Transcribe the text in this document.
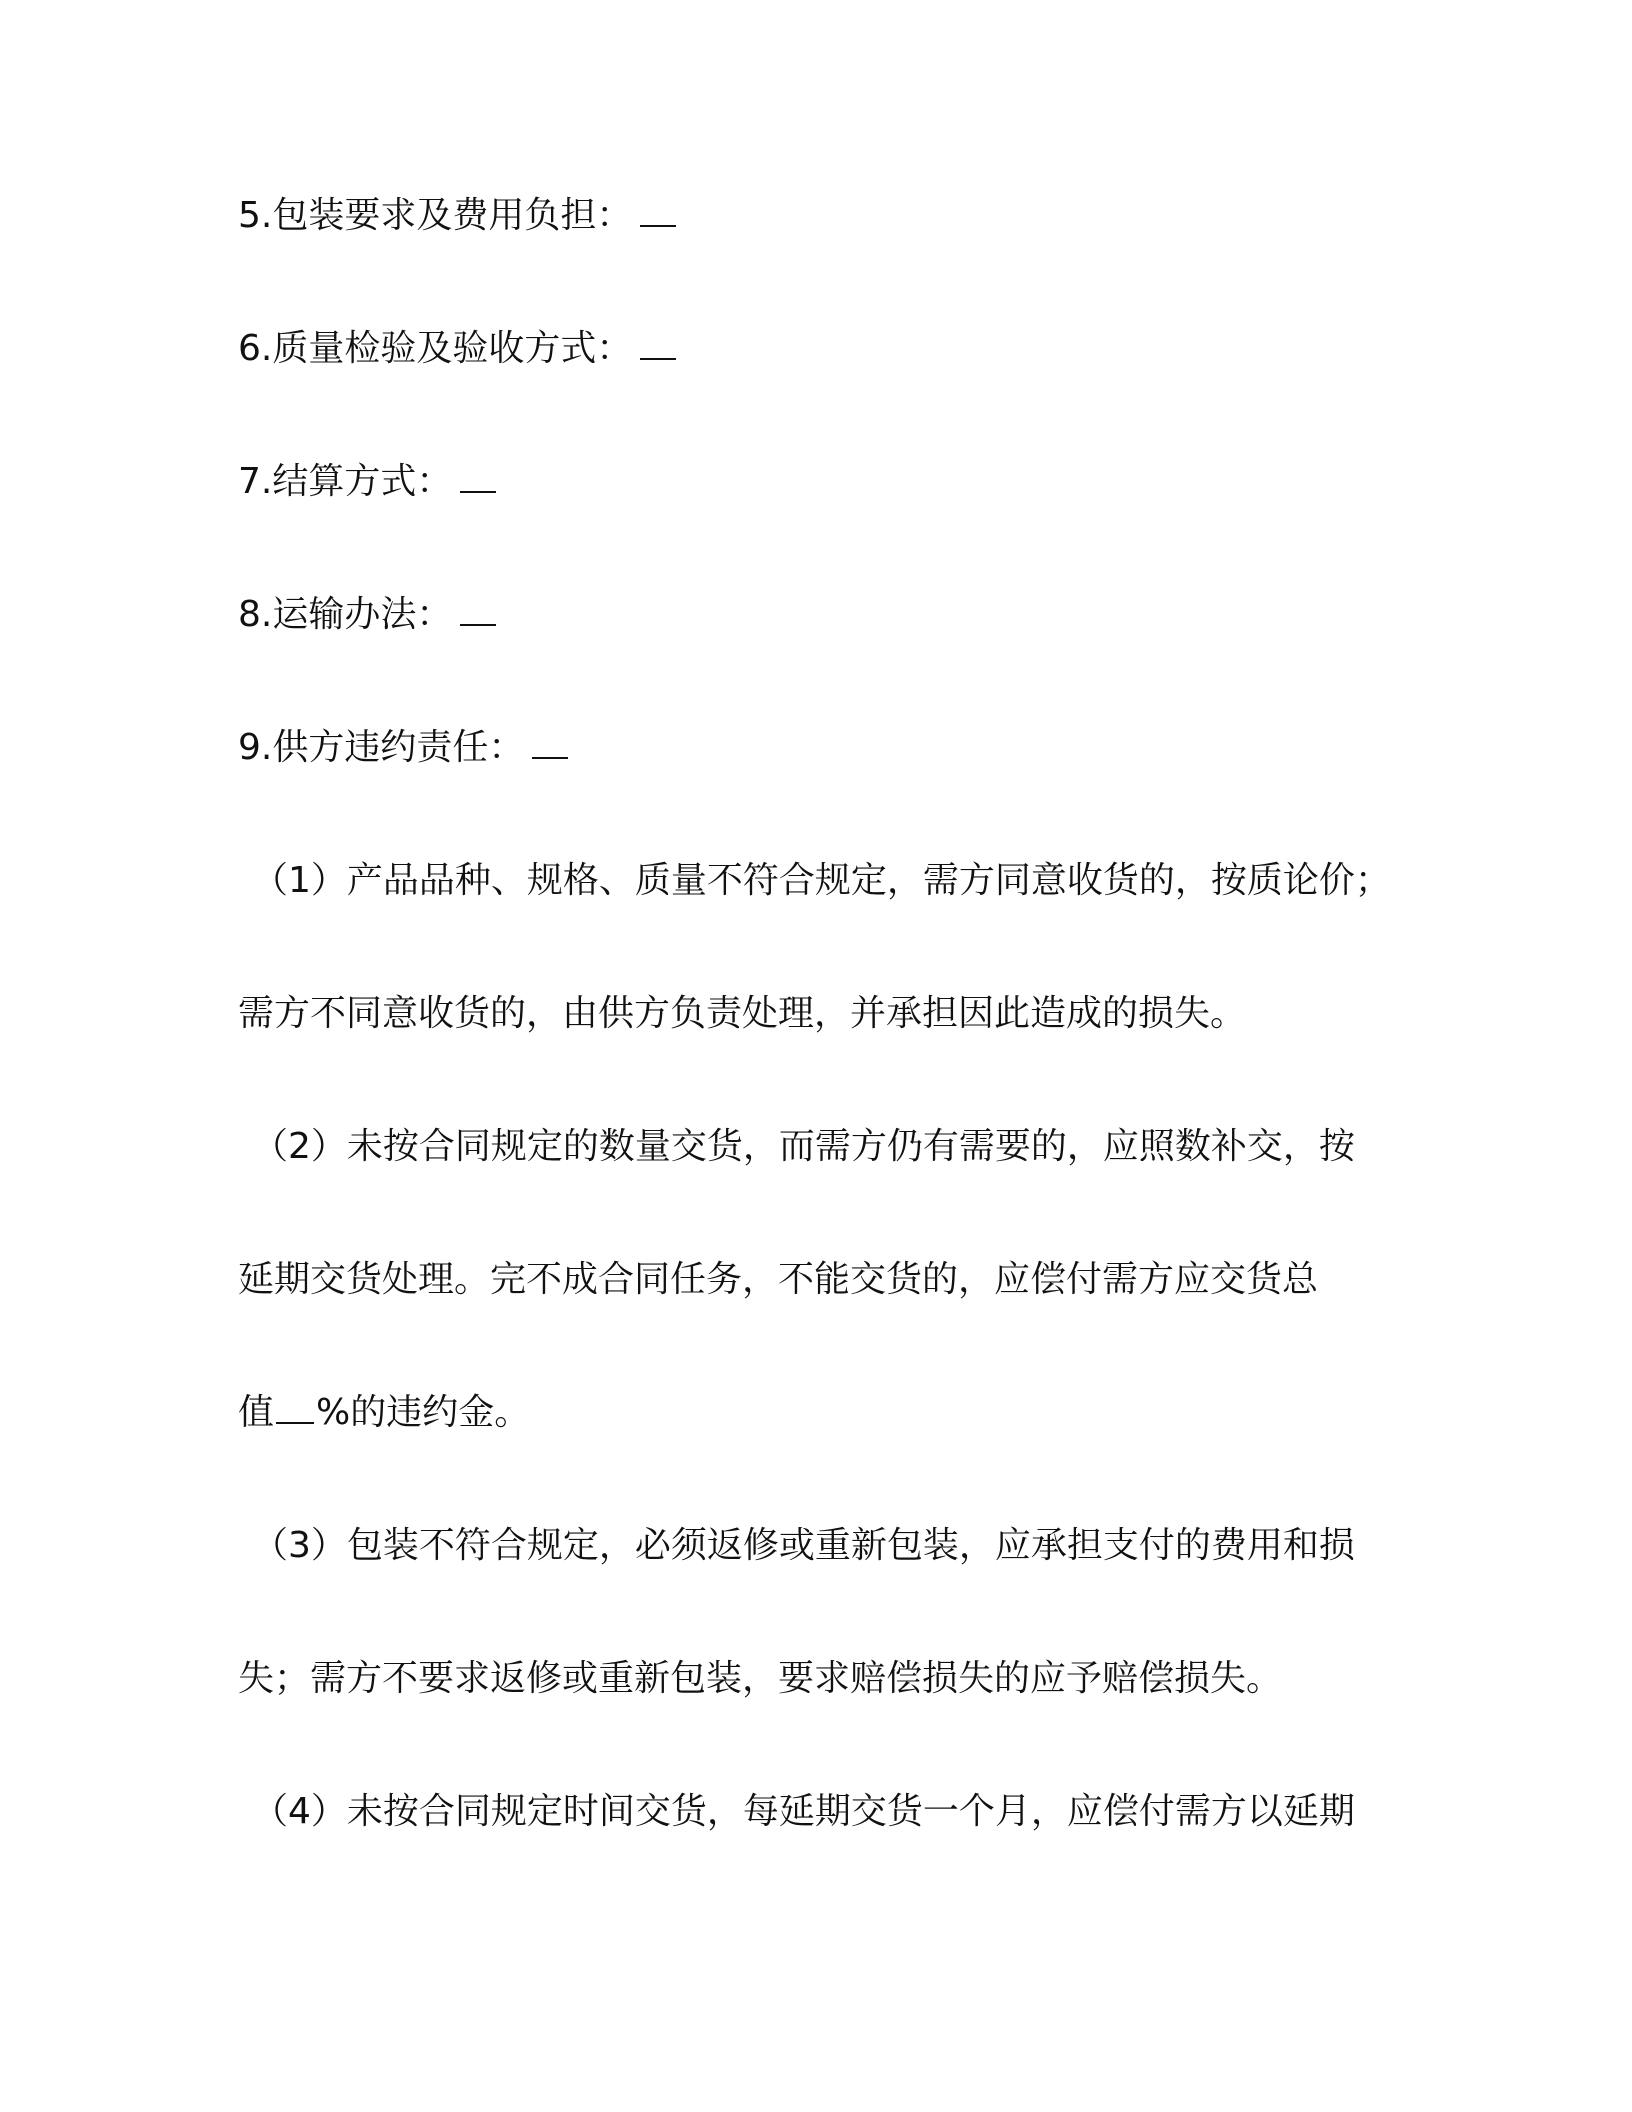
5.包装要求及费用负担：
6.质量检验及验收方式：
7.结算方式：
8.运输办法：
9.供方违约责任：
（1）产品品种、规格、质量不符合规定，需方同意收货的，按质论价；
需方不同意收货的，由供方负责处理，并承担因此造成的损失。
（2）未按合同规定的数量交货，而需方仍有需要的，应照数补交，按
延期交货处理。完不成合同任务，不能交货的，应偿付需方应交货总
值 %的违约金。
（3）包装不符合规定，必须返修或重新包装，应承担支付的费用和损
失；需方不要求返修或重新包装，要求赔偿损失的应予赔偿损失。
（4）未按合同规定时间交货，每延期交货一个月，应偿付需方以延期
